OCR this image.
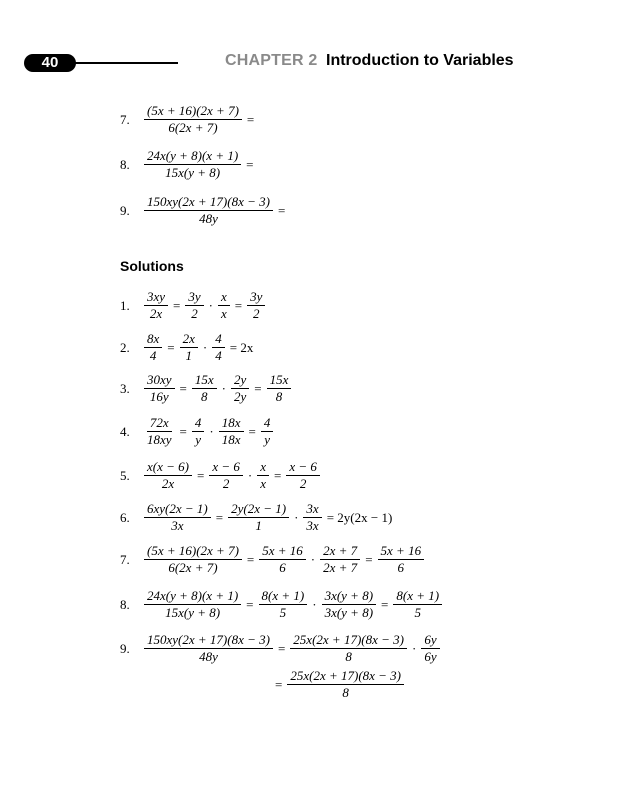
40	CHAPTER 2 Introduction to Variables
7.	$\frac{(5x + 16)(2x + 7)}{6(2x + 7)}$ =
8.	$\frac{24x(y + 8)(x + 1)}{15x(y + 8)}$ =
9.	$\frac{150xy(2x + 17)(8x - 3)}{48y}$ =
Solutions
1.	$\frac{3xy}{2x} = \frac{3y}{2} \cdot \frac{x}{x} = \frac{3y}{2}$
2.	$\frac{8x}{4} = \frac{2x}{1} \cdot \frac{4}{4} = 2x$
3.	$\frac{30xy}{16y} = \frac{15x}{8} \cdot \frac{2y}{2y} = \frac{15x}{8}$
4.	$\frac{72x}{18xy} = \frac{4}{y} \cdot \frac{18x}{18x} = \frac{4}{y}$
5.	$\frac{x(x - 6)}{2x} = \frac{x - 6}{2} \cdot \frac{x}{x} = \frac{x - 6}{2}$
6.	$\frac{6xy(2x - 1)}{3x} = \frac{2y(2x - 1)}{1} \cdot \frac{3x}{3x} = 2y(2x - 1)$
7.	$\frac{(5x + 16)(2x + 7)}{6(2x + 7)} = \frac{5x + 16}{6} \cdot \frac{2x + 7}{2x + 7} = \frac{5x + 16}{6}$
8.	$\frac{24x(y + 8)(x + 1)}{15x(y + 8)} = \frac{8(x + 1)}{5} \cdot \frac{3x(y + 8)}{3x(y + 8)} = \frac{8(x + 1)}{5}$
9.	$\frac{150xy(2x + 17)(8x - 3)}{48y} = \frac{25x(2x + 17)(8x - 3)}{8} \cdot \frac{6y}{6y}$
= $\frac{25x(2x + 17)(8x - 3)}{8}$
